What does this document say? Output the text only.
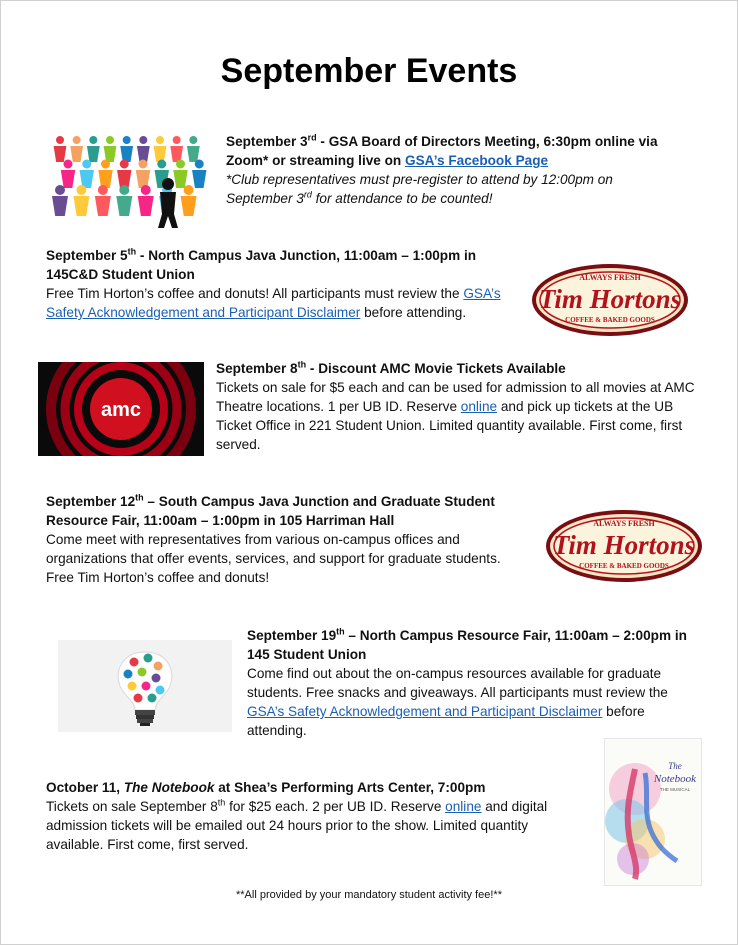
September Events
September 3rd - GSA Board of Directors Meeting, 6:30pm online via Zoom* or streaming live on GSA’s Facebook Page
*Club representatives must pre-register to attend by 12:00pm on September 3rd for attendance to be counted!
September 5th - North Campus Java Junction, 11:00am – 1:00pm in 145C&D Student Union
Free Tim Horton’s coffee and donuts! All participants must review the GSA’s Safety Acknowledgement and Participant Disclaimer before attending.
ALWAYS FRESH
Tim Hortons
COFFEE & BAKED GOODS
amc
September 8th - Discount AMC Movie Tickets Available
Tickets on sale for $5 each and can be used for admission to all movies at AMC Theatre locations. 1 per UB ID. Reserve online and pick up tickets at the UB Ticket Office in 221 Student Union. Limited quantity available. First come, first served.
September 12th – South Campus Java Junction and Graduate Student Resource Fair, 11:00am – 1:00pm in 105 Harriman Hall
Come meet with representatives from various on-campus offices and organizations that offer events, services, and support for graduate students. Free Tim Horton’s coffee and donuts!
ALWAYS FRESH
Tim Hortons
COFFEE & BAKED GOODS
September 19th – North Campus Resource Fair, 11:00am – 2:00pm in 145 Student Union
Come find out about the on-campus resources available for graduate students. Free snacks and giveaways. All participants must review the GSA’s Safety Acknowledgement and Participant Disclaimer before attending.
October 11, The Notebook at Shea’s Performing Arts Center, 7:00pm
Tickets on sale September 8th for $25 each. 2 per UB ID. Reserve online and digital admission tickets will be emailed out 24 hours prior to the show. Limited quantity available. First come, first served.
The
Notebook
THE MUSICAL
**All provided by your mandatory student activity fee!**
